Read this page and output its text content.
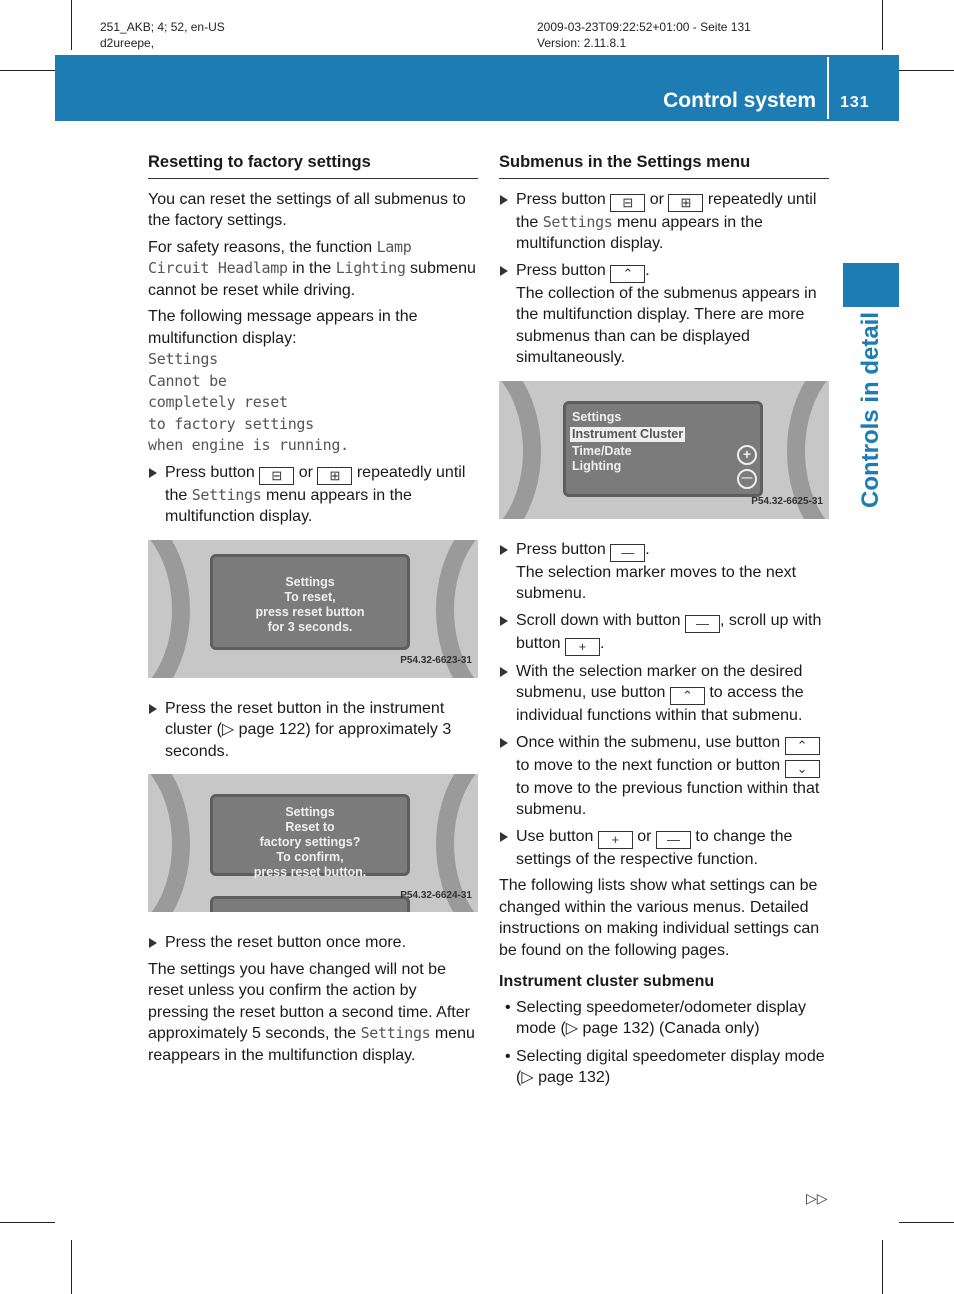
251_AKB; 4; 52, en-US
d2ureepe,
2009-03-23T09:22:52+01:00 - Seite 131
Version: 2.11.8.1
Control system 131
Controls in detail
Resetting to factory settings

You can reset the settings of all submenus to the factory settings.

For safety reasons, the function Lamp Circuit Headlamp in the Lighting submenu cannot be reset while driving.

The following message appears in the multifunction display:

Settings
Cannot be
completely reset
to factory settings
when engine is running.
Press button ⊟ or ⊞ repeatedly until the Settings menu appears in the multifunction display.
Settings
To reset,
press reset button
for 3 seconds.
P54.32-6623-31
Press the reset button in the instrument cluster (▷ page 122) for approximately 3 seconds.
Settings
Reset to
factory settings?
To confirm,
press reset button.
P54.32-6624-31
Press the reset button once more.

The settings you have changed will not be reset unless you confirm the action by pressing the reset button a second time. After approximately 5 seconds, the Settings menu reappears in the multifunction display.

Submenus in the Settings menu
Press button ⊟ or ⊞ repeatedly until the Settings menu appears in the multifunction display.
Press button ⌃ .
The collection of the submenus appears in the multifunction display. There are more submenus than can be displayed simultaneously.
Settings
Instrument Cluster
Time/Date
Lighting
+
—
P54.32-6625-31
Press button — .
The selection marker moves to the next submenu.
Scroll down with button — , scroll up with button + .
With the selection marker on the desired submenu, use button ⌃ to access the individual functions within that submenu.
Once within the submenu, use button ⌃ to move to the next function or button ⌄ to move to the previous function within that submenu.
Use button + or — to change the settings of the respective function.

The following lists show what settings can be changed within the various menus. Detailed instructions on making individual settings can be found on the following pages.

Instrument cluster submenu
• Selecting speedometer/odometer display mode (▷ page 132) (Canada only)
• Selecting digital speedometer display mode (▷ page 132)
▷▷
